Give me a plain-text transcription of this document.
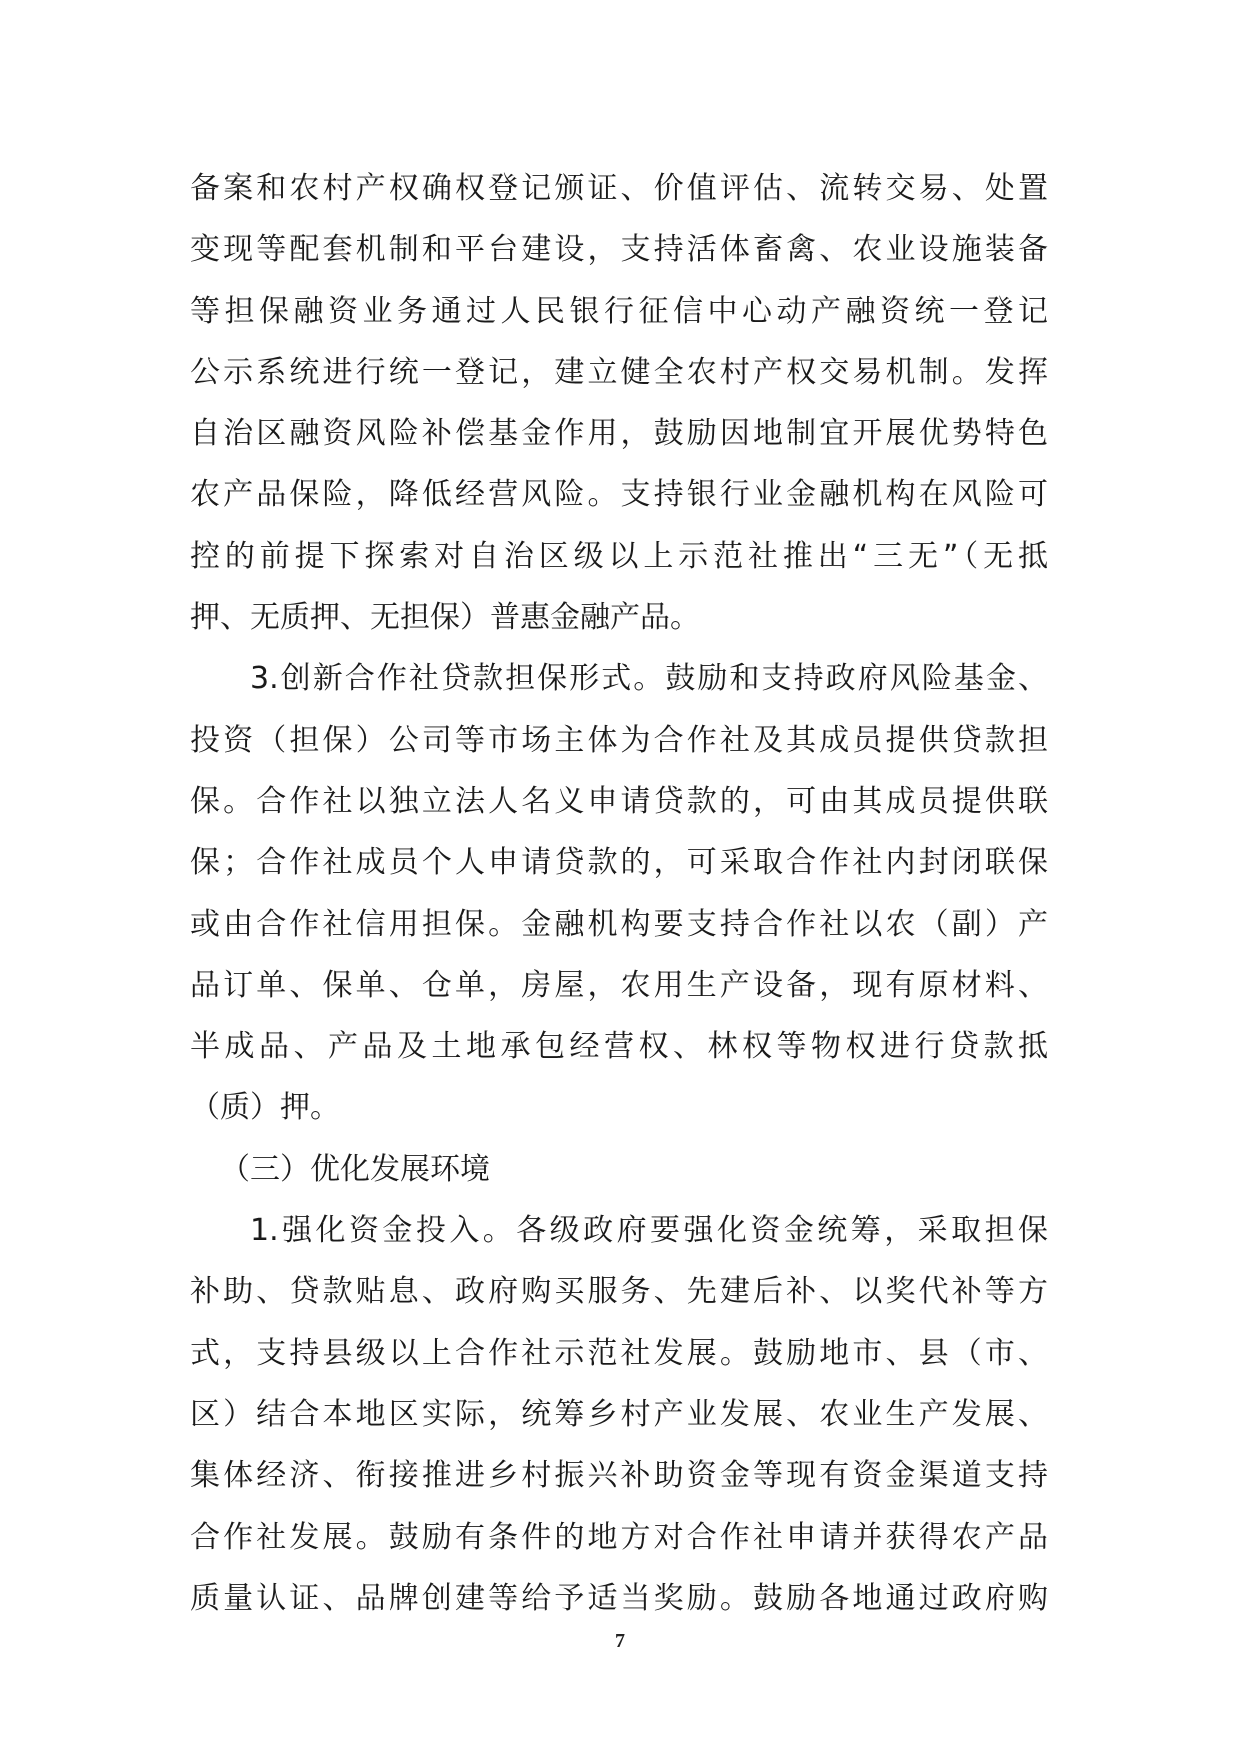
备案和农村产权确权登记颁证、价值评估、流转交易、处置
变现等配套机制和平台建设，支持活体畜禽、农业设施装备
等担保融资业务通过人民银行征信中心动产融资统一登记
公示系统进行统一登记，建立健全农村产权交易机制。发挥
自治区融资风险补偿基金作用，鼓励因地制宜开展优势特色
农产品保险，降低经营风险。支持银行业金融机构在风险可
控的前提下探索对自治区级以上示范社推出“三无”（无抵
押、无质押、无担保）普惠金融产品。
3.创新合作社贷款担保形式。鼓励和支持政府风险基金、
投资（担保）公司等市场主体为合作社及其成员提供贷款担
保。合作社以独立法人名义申请贷款的，可由其成员提供联
保；合作社成员个人申请贷款的，可采取合作社内封闭联保
或由合作社信用担保。金融机构要支持合作社以农（副）产
品订单、保单、仓单，房屋，农用生产设备，现有原材料、
半成品、产品及土地承包经营权、林权等物权进行贷款抵
（质）押。
（三）优化发展环境
1.强化资金投入。各级政府要强化资金统筹，采取担保
补助、贷款贴息、政府购买服务、先建后补、以奖代补等方
式，支持县级以上合作社示范社发展。鼓励地市、县（市、
区）结合本地区实际，统筹乡村产业发展、农业生产发展、
集体经济、衔接推进乡村振兴补助资金等现有资金渠道支持
合作社发展。鼓励有条件的地方对合作社申请并获得农产品
质量认证、品牌创建等给予适当奖励。鼓励各地通过政府购
7
